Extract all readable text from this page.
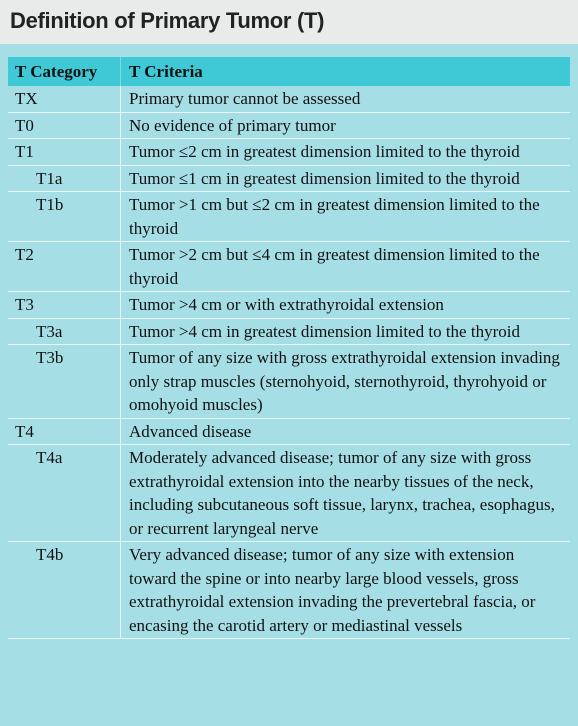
Definition of Primary Tumor (T)
T Category	T Criteria
TX	Primary tumor cannot be assessed
T0	No evidence of primary tumor
T1	Tumor ≤2 cm in greatest dimension limited to the thyroid
T1a	Tumor ≤1 cm in greatest dimension limited to the thyroid
T1b	Tumor >1 cm but ≤2 cm in greatest dimension limited to the thyroid
T2	Tumor >2 cm but ≤4 cm in greatest dimension limited to the thyroid
T3	Tumor >4 cm or with extrathyroidal extension
T3a	Tumor >4 cm in greatest dimension limited to the thyroid
T3b	Tumor of any size with gross extrathyroidal extension invading only strap muscles (sternohyoid, sternothyroid, thyrohyoid or omohyoid muscles)
T4	Advanced disease
T4a	Moderately advanced disease; tumor of any size with gross extrathyroidal extension into the nearby tissues of the neck, including subcutaneous soft tissue, larynx, trachea, esophagus, or recurrent laryngeal nerve
T4b	Very advanced disease; tumor of any size with extension toward the spine or into nearby large blood vessels, gross extrathyroidal extension invading the prevertebral fascia, or encasing the carotid artery or mediastinal vessels
